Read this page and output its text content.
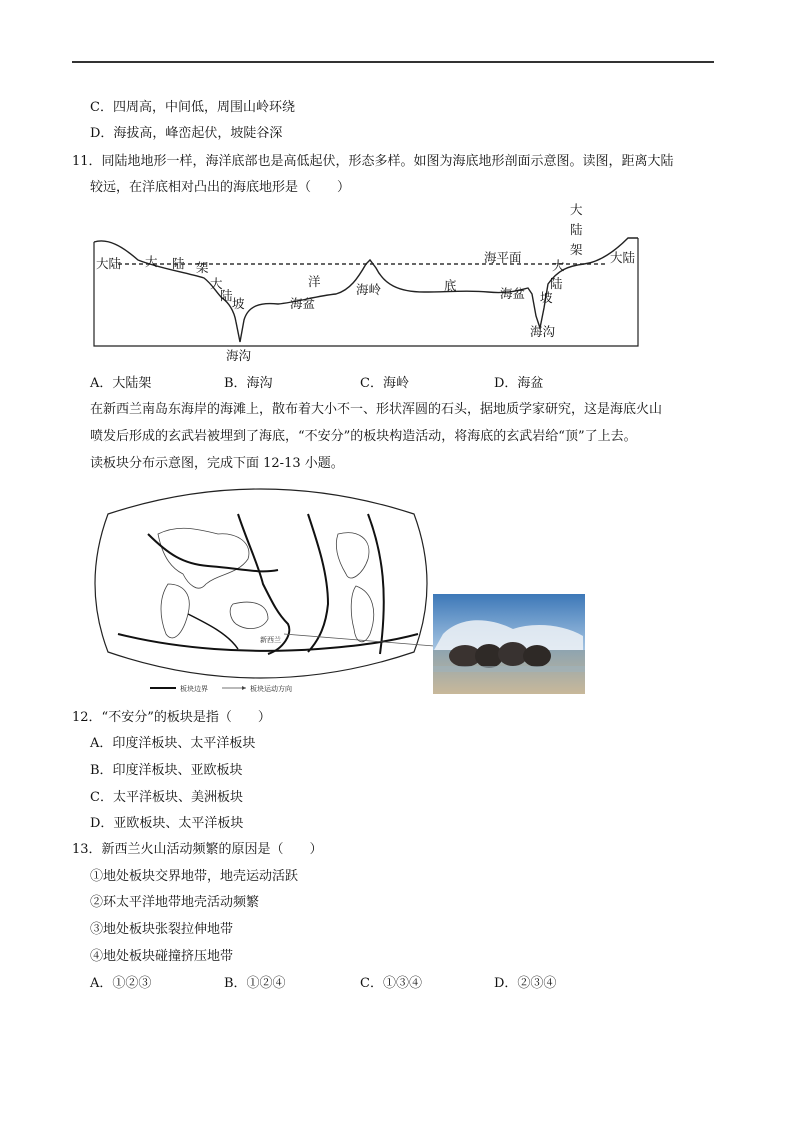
C．四周高，中间低，周围山岭环绕
D．海拔高，峰峦起伏，坡陡谷深
11．同陆地地形一样，海洋底部也是高低起伏，形态多样。如图为海底地形剖面示意图。读图，距离大陆
较远，在洋底相对凸出的海底地形是（　　）
大陆 大 陆 架
大
陆
坡
海沟
洋
海盆
海岭	底
海盆
海平面
大
陆
架
大
陆
坡
海沟
大陆
A．大陆架	B．海沟	C．海岭	D．海盆
在新西兰南岛东海岸的海滩上，散布着大小不一、形状浑圆的石头，据地质学家研究，这是海底火山
喷发后形成的玄武岩被埋到了海底，“不安分”的板块构造活动，将海底的玄武岩给“顶”了上去。
读板块分布示意图，完成下面 12-13 小题。
新西兰
板块边界	板块运动方向
12．“不安分”的板块是指（　　）
A．印度洋板块、太平洋板块
B．印度洋板块、亚欧板块
C．太平洋板块、美洲板块
D．亚欧板块、太平洋板块
13．新西兰火山活动频繁的原因是（　　）
①地处板块交界地带，地壳运动活跃
②环太平洋地带地壳活动频繁
③地处板块张裂拉伸地带
④地处板块碰撞挤压地带
A．①②③	B．①②④	C．①③④	D．②③④
